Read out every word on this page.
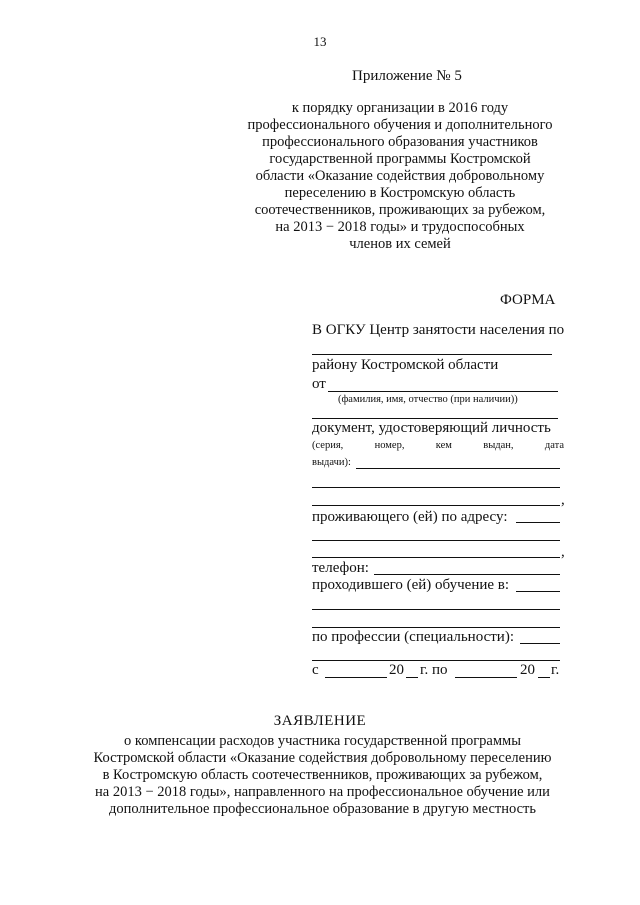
13
Приложение № 5
к порядку организации в 2016 году
профессионального обучения и дополнительного
профессионального образования участников
государственной программы Костромской
области «Оказание содействия добровольному
переселению в Костромскую область
соотечественников, проживающих за рубежом,
на 2013 − 2018 годы» и трудоспособных
членов их семей
ФОРМА
В ОГКУ Центр занятости населения по
району Костромской области
от
(фамилия, имя, отчество (при наличии))
документ, удостоверяющий личность
(серия,	номер,	кем	выдан,	дата
выдачи):
,
проживающего (ей) по адресу:
,
телефон:
проходившего (ей) обучение в:
по профессии (специальности):
с	20 г. по	20 г.
ЗАЯВЛЕНИЕ
о компенсации расходов участника государственной программы
Костромской области «Оказание содействия добровольному переселению
в Костромскую область соотечественников, проживающих за рубежом,
на 2013 − 2018 годы», направленного на профессиональное обучение или
дополнительное профессиональное образование в другую местность
